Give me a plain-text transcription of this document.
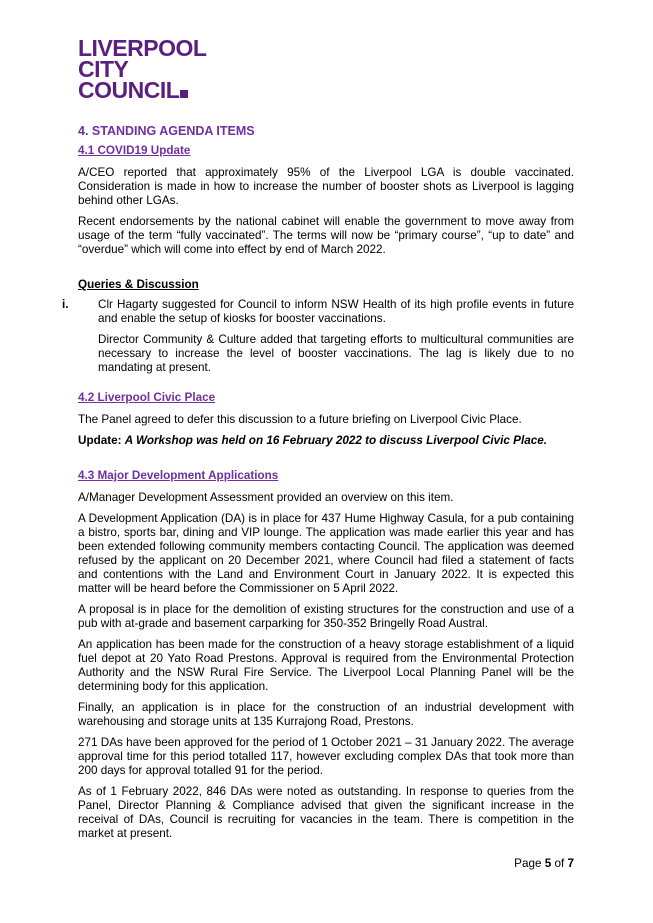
LIVERPOOL
CITY
COUNCIL
4. STANDING AGENDA ITEMS
4.1 COVID19 Update

A/CEO reported that approximately 95% of the Liverpool LGA is double vaccinated. Consideration is made in how to increase the number of booster shots as Liverpool is lagging behind other LGAs.

Recent endorsements by the national cabinet will enable the government to move away from usage of the term “fully vaccinated”. The terms will now be “primary course”, “up to date” and “overdue” which will come into effect by end of March 2022.

Queries & Discussion
i.	Clr Hagarty suggested for Council to inform NSW Health of its high profile events in future and enable the setup of kiosks for booster vaccinations.

Director Community & Culture added that targeting efforts to multicultural communities are necessary to increase the level of booster vaccinations. The lag is likely due to no mandating at present.

4.2 Liverpool Civic Place

The Panel agreed to defer this discussion to a future briefing on Liverpool Civic Place.

Update: A Workshop was held on 16 February 2022 to discuss Liverpool Civic Place.

4.3 Major Development Applications

A/Manager Development Assessment provided an overview on this item.

A Development Application (DA) is in place for 437 Hume Highway Casula, for a pub containing a bistro, sports bar, dining and VIP lounge. The application was made earlier this year and has been extended following community members contacting Council. The application was deemed refused by the applicant on 20 December 2021, where Council had filed a statement of facts and contentions with the Land and Environment Court in January 2022. It is expected this matter will be heard before the Commissioner on 5 April 2022.

A proposal is in place for the demolition of existing structures for the construction and use of a pub with at-grade and basement carparking for 350-352 Bringelly Road Austral.

An application has been made for the construction of a heavy storage establishment of a liquid fuel depot at 20 Yato Road Prestons. Approval is required from the Environmental Protection Authority and the NSW Rural Fire Service. The Liverpool Local Planning Panel will be the determining body for this application.

Finally, an application is in place for the construction of an industrial development with warehousing and storage units at 135 Kurrajong Road, Prestons.

271 DAs have been approved for the period of 1 October 2021 – 31 January 2022. The average approval time for this period totalled 117, however excluding complex DAs that took more than 200 days for approval totalled 91 for the period.

As of 1 February 2022, 846 DAs were noted as outstanding. In response to queries from the Panel, Director Planning & Compliance advised that given the significant increase in the receival of DAs, Council is recruiting for vacancies in the team. There is competition in the market at present.

Page 5 of 7
